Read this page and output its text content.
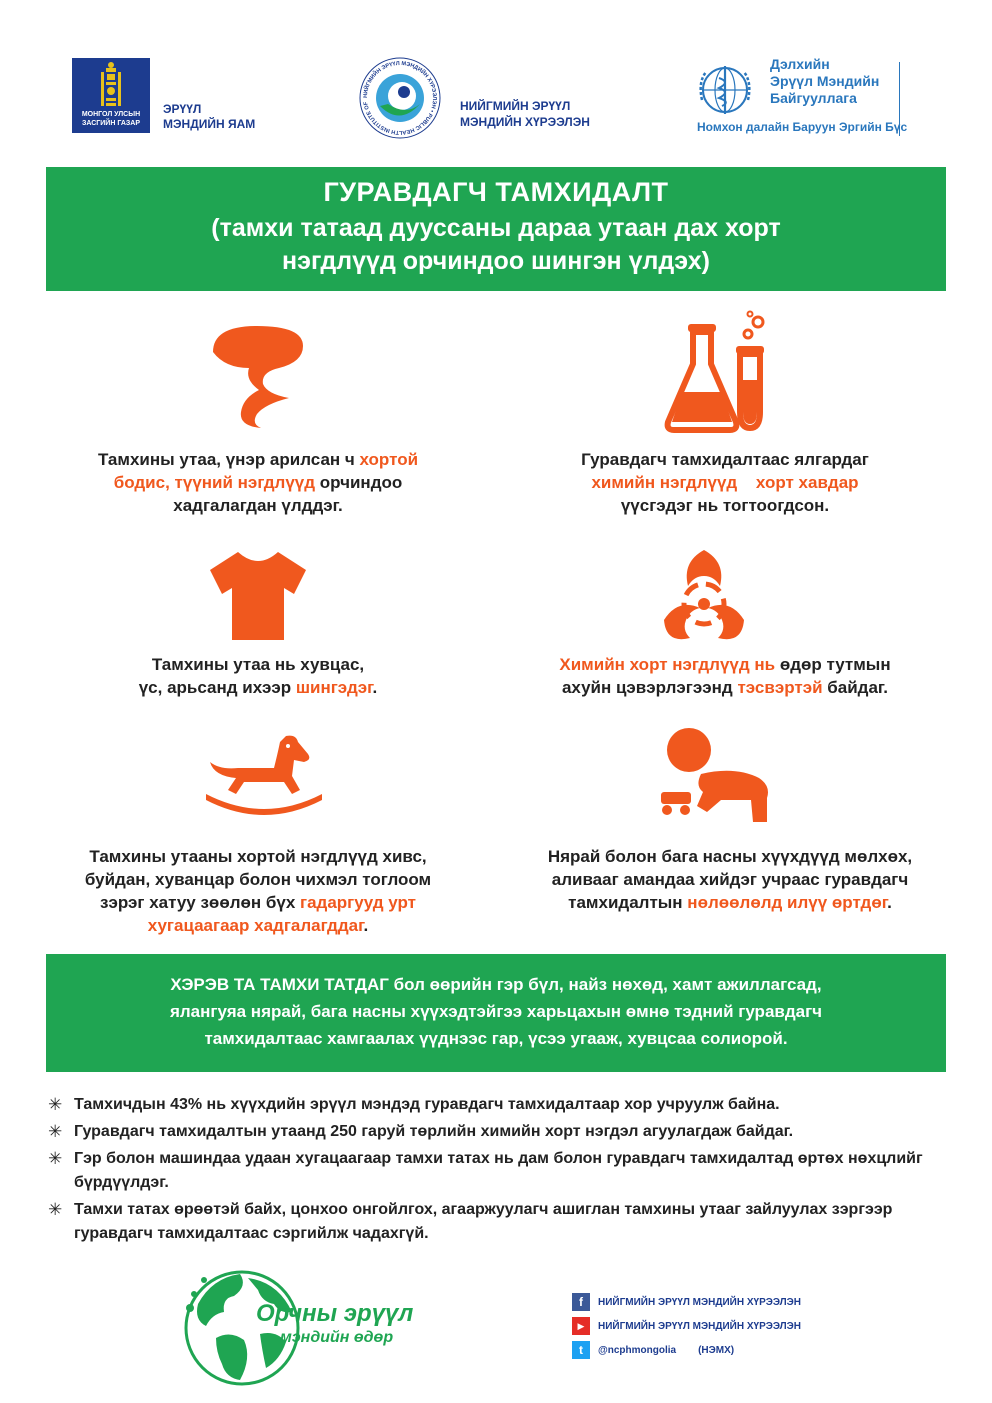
МОНГОЛ УЛСЫН
ЗАСГИЙН ГАЗАР
ЭРҮҮЛ
МЭНДИЙН ЯАМ
НИЙГМИЙН ЭРҮҮЛ МЭНДИЙН ХҮРЭЭЛЭН • PUBLIC HEALTH INSTITUTE OF	НИЙГМИЙН ЭРҮҮЛ
МЭНДИЙН ХҮРЭЭЛЭН
Дэлхийн
Эрүүл Мэндийн
Байгууллага
Номхон далайн Баруун Эргийн Бүс
ГУРАВДАГЧ ТАМХИДАЛТ
(тамхи татаад дууссаны дараа утаан дах хорт
нэгдлүүд орчиндоо шингэн үлдэх)
Тамхины утаа, үнэр арилсан ч хортой
бодис, түүний нэгдлүүд орчиндоо
хадгалагдан үлддэг.
Гуравдагч тамхидалтаас ялгардаг
химийн нэгдлүүд хорт хавдар
үүсгэдэг нь тогтоогдсон.
Тамхины утаа нь хувцас,
үс, арьсанд ихээр шингэдэг.
Химийн хорт нэгдлүүд нь өдөр тутмын
ахуйн цэвэрлэгээнд тэсвэртэй байдаг.
Тамхины утааны хортой нэгдлүүд хивс,
буйдан, хуванцар болон чихмэл тоглоом
зэрэг хатуу зөөлөн бүх гадаргууд урт
хугацаагаар хадгалагддаг.
Нярай болон бага насны хүүхдүүд мөлхөх,
аливааг амандаа хийдэг учраас гуравдагч
тамхидалтын нөлөөлөлд илүү өртдөг.
ХЭРЭВ ТА ТАМХИ ТАТДАГ бол өөрийн гэр бүл, найз нөхөд, хамт ажиллагсад,
ялангуяа нярай, бага насны хүүхэдтэйгээ харьцахын өмнө тэдний гуравдагч
тамхидалтаас хамгаалах үүднээс гар, үсээ угааж, хувцсаа солиорой.
✳ Тамхичдын 43% нь хүүхдийн эрүүл мэндэд гуравдагч тамхидалтаар хор учруулж байна.
✳ Гуравдагч тамхидалтын утаанд 250 гаруй төрлийн химийн хорт нэгдэл агуулагдаж байдаг.
✳ Гэр болон машиндаа удаан хугацаагаар тамхи татах нь дам болон гуравдагч тамхидалтад өртөх нөхцлийг бүрдүүлдэг.
✳ Тамхи татах өрөөтэй байх, цонхоо онгойлгох, агааржуулагч ашиглан тамхины утааг зайлуулах зэргээр гуравдагч тамхидалтаас сэргийлж чадахгүй.
Орчны эрүүл
мэндийн өдөр
f	НИЙГМИЙН ЭРҮҮЛ МЭНДИЙН ХҮРЭЭЛЭН
▶	НИЙГМИЙН ЭРҮҮЛ МЭНДИЙН ХҮРЭЭЛЭН
t	@ncphmongolia (НЭМХ)
